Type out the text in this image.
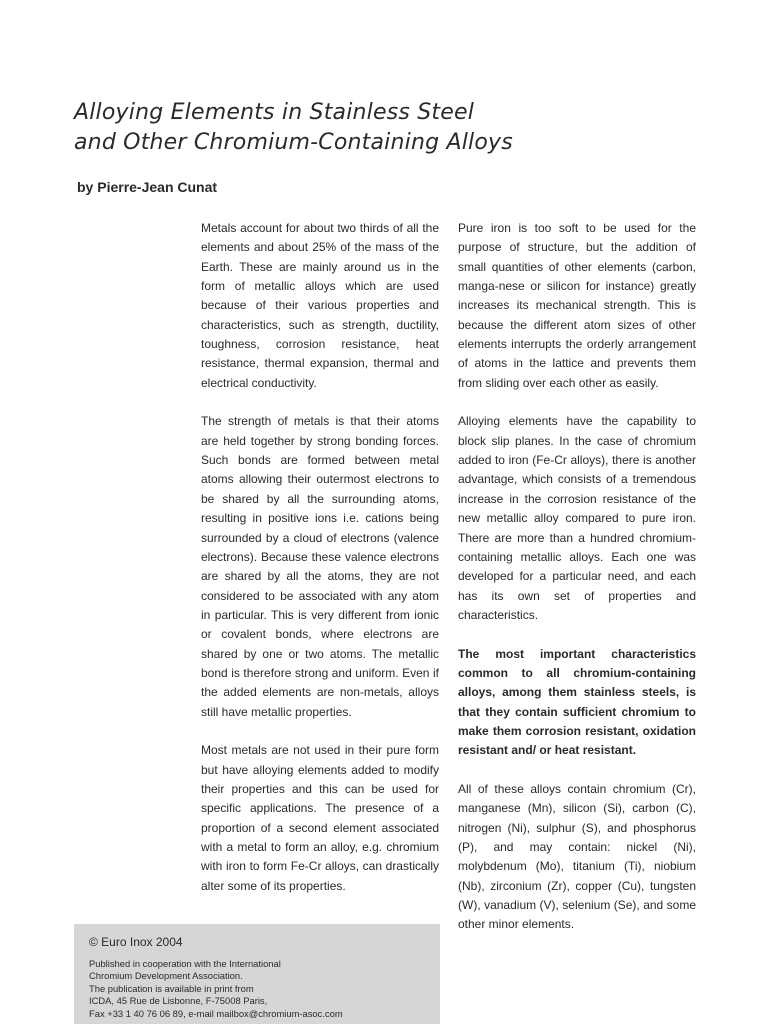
Alloying Elements in Stainless Steel
and Other Chromium-Containing Alloys

by Pierre-Jean Cunat

Metals account for about two thirds of all the elements and about 25% of the mass of the Earth. These are mainly around us in the form of metallic alloys which are used because of their various properties and characteristics, such as strength, ductility, toughness, corrosion resistance, heat resistance, thermal expansion, thermal and electrical conductivity.

The strength of metals is that their atoms are held together by strong bonding forces. Such bonds are formed between metal atoms allowing their outermost electrons to be shared by all the surrounding atoms, resulting in positive ions i.e. cations being surrounded by a cloud of electrons (valence electrons). Because these valence electrons are shared by all the atoms, they are not considered to be associated with any atom in particular. This is very different from ionic or covalent bonds, where electrons are shared by one or two atoms. The metallic bond is therefore strong and uniform. Even if the added elements are non-metals, alloys still have metallic properties.

Most metals are not used in their pure form but have alloying elements added to modify their properties and this can be used for specific applications. The presence of a proportion of a second element associated with a metal to form an alloy, e.g. chromium with iron to form Fe-Cr alloys, can drastically alter some of its properties.

Pure iron is too soft to be used for the purpose of structure, but the addition of small quantities of other elements (carbon, manga-nese or silicon for instance) greatly increases its mechanical strength. This is because the different atom sizes of other elements interrupts the orderly arrangement of atoms in the lattice and prevents them from sliding over each other as easily.

Alloying elements have the capability to block slip planes. In the case of chromium added to iron (Fe-Cr alloys), there is another advantage, which consists of a tremendous increase in the corrosion resistance of the new metallic alloy compared to pure iron. There are more than a hundred chromium-containing metallic alloys. Each one was developed for a particular need, and each has its own set of properties and characteristics.

The most important characteristics common to all chromium-containing alloys, among them stainless steels, is that they contain sufficient chromium to make them corrosion resistant, oxidation resistant and/ or heat resistant.

All of these alloys contain chromium (Cr), manganese (Mn), silicon (Si), carbon (C), nitrogen (Ni), sulphur (S), and phosphorus (P), and may contain: nickel (Ni), molybdenum (Mo), titanium (Ti), niobium (Nb), zirconium (Zr), copper (Cu), tungsten (W), vanadium (V), selenium (Se), and some other minor elements.

© Euro Inox 2004

Published in cooperation with the International
Chromium Development Association.
The publication is available in print from
ICDA, 45 Rue de Lisbonne, F-75008 Paris,
Fax +33 1 40 76 06 89, e-mail mailbox@chromium-asoc.com
